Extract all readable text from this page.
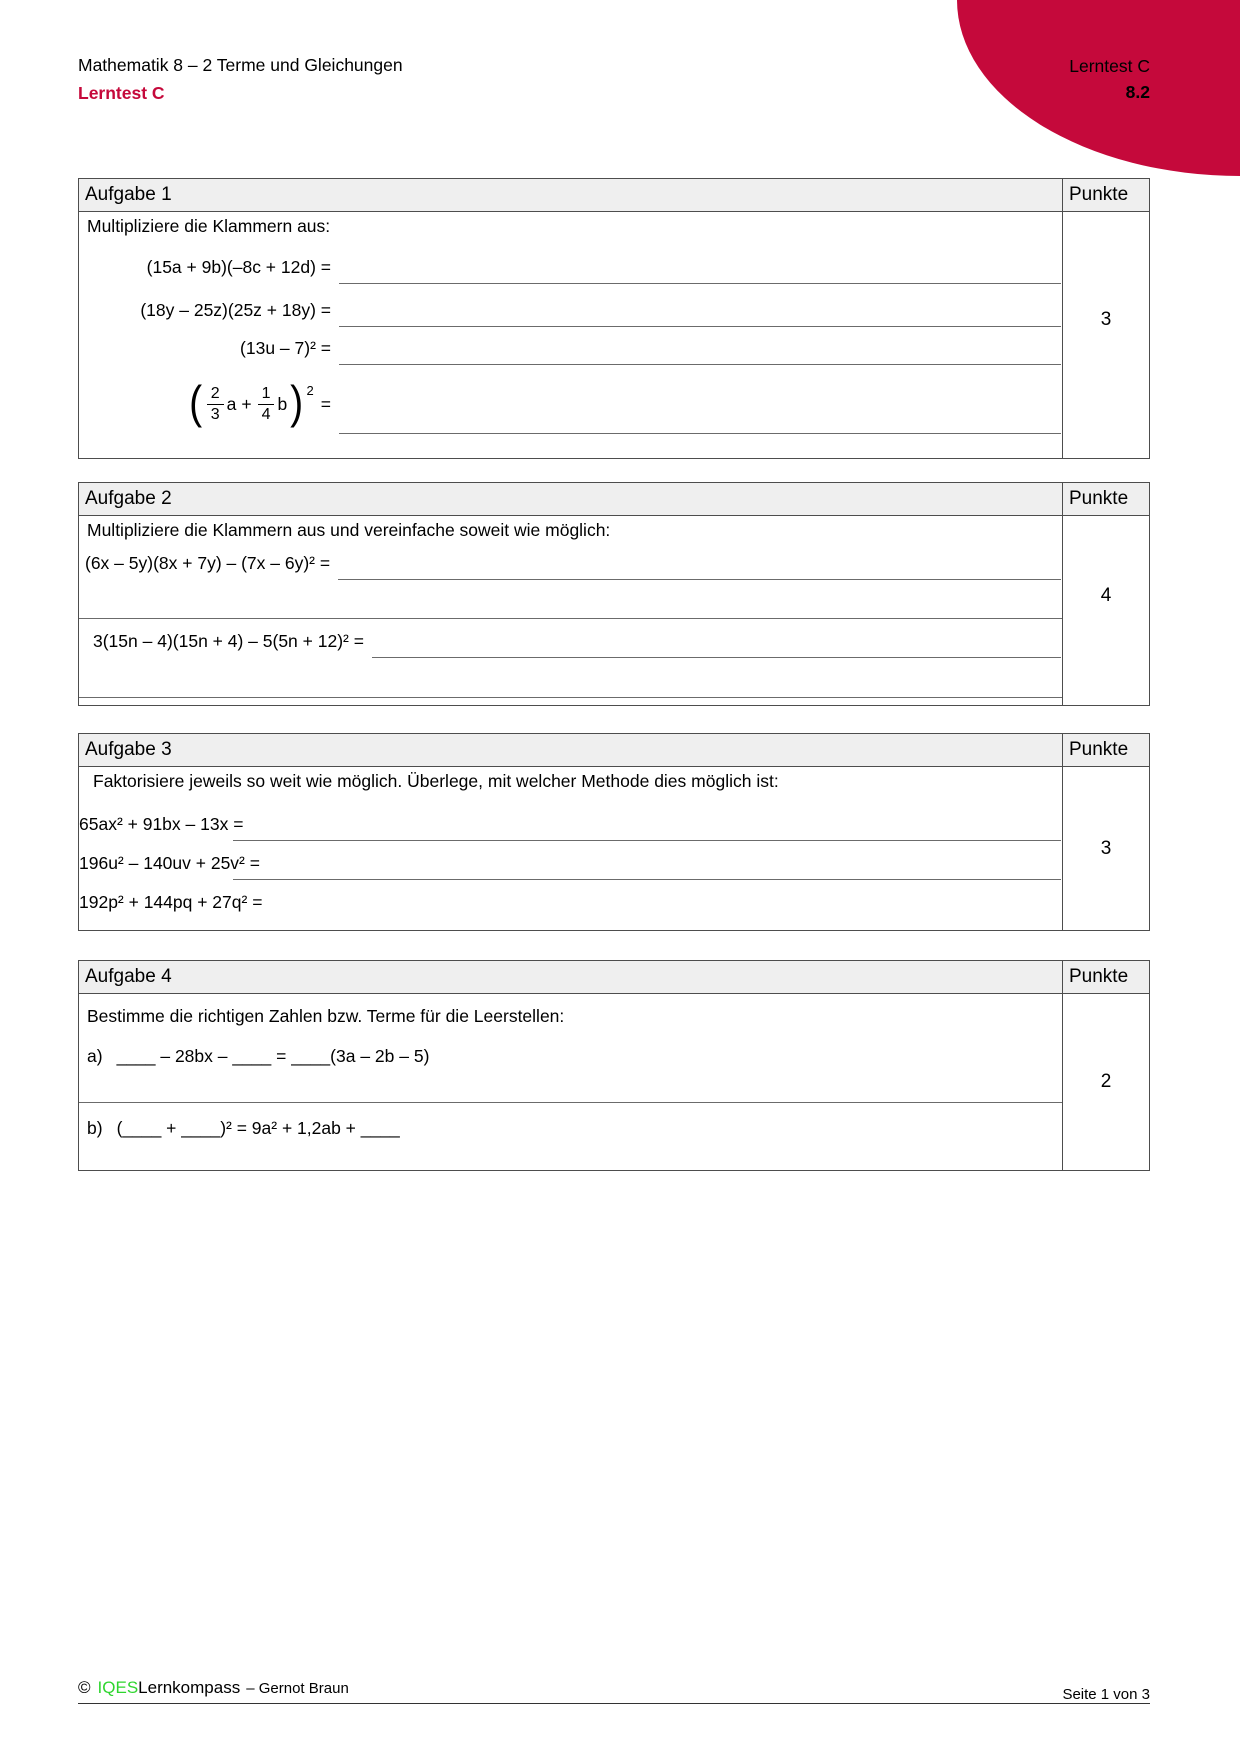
Mathematik 8 – 2 Terme und Gleichungen
Lerntest C
Lerntest C
8.2
Aufgabe 1	Punkte
Multipliziere die Klammern aus:
(15a + 9b)(–8c + 12d) =
(18y – 25z)(25z + 18y) =
(13u – 7)² =
( $\frac{2}{3}$ $a + \frac{1}{4}$ b ) 2
=
3
Aufgabe 2	Punkte
Multipliziere die Klammern aus und vereinfache soweit wie möglich:
(6x – 5y)(8x + 7y) – (7x – 6y)² =
3(15n – 4)(15n + 4) – 5(5n + 12)² =
4
Aufgabe 3	Punkte
Faktorisiere jeweils so weit wie möglich. Überlege, mit welcher Methode dies möglich ist:
65ax² + 91bx – 13x =
196u² – 140uv + 25v² =
192p² + 144pq + 27q² =
3
Aufgabe 4	Punkte
Bestimme die richtigen Zahlen bzw. Terme für die Leerstellen:
a) ____ – 28bx – ____ = ____(3a – 2b – 5)
b) (____ + ____)² = 9a² + 1,2ab + ____
2
© IQESLernkompass – Gernot Braun	Seite 1 von 3
